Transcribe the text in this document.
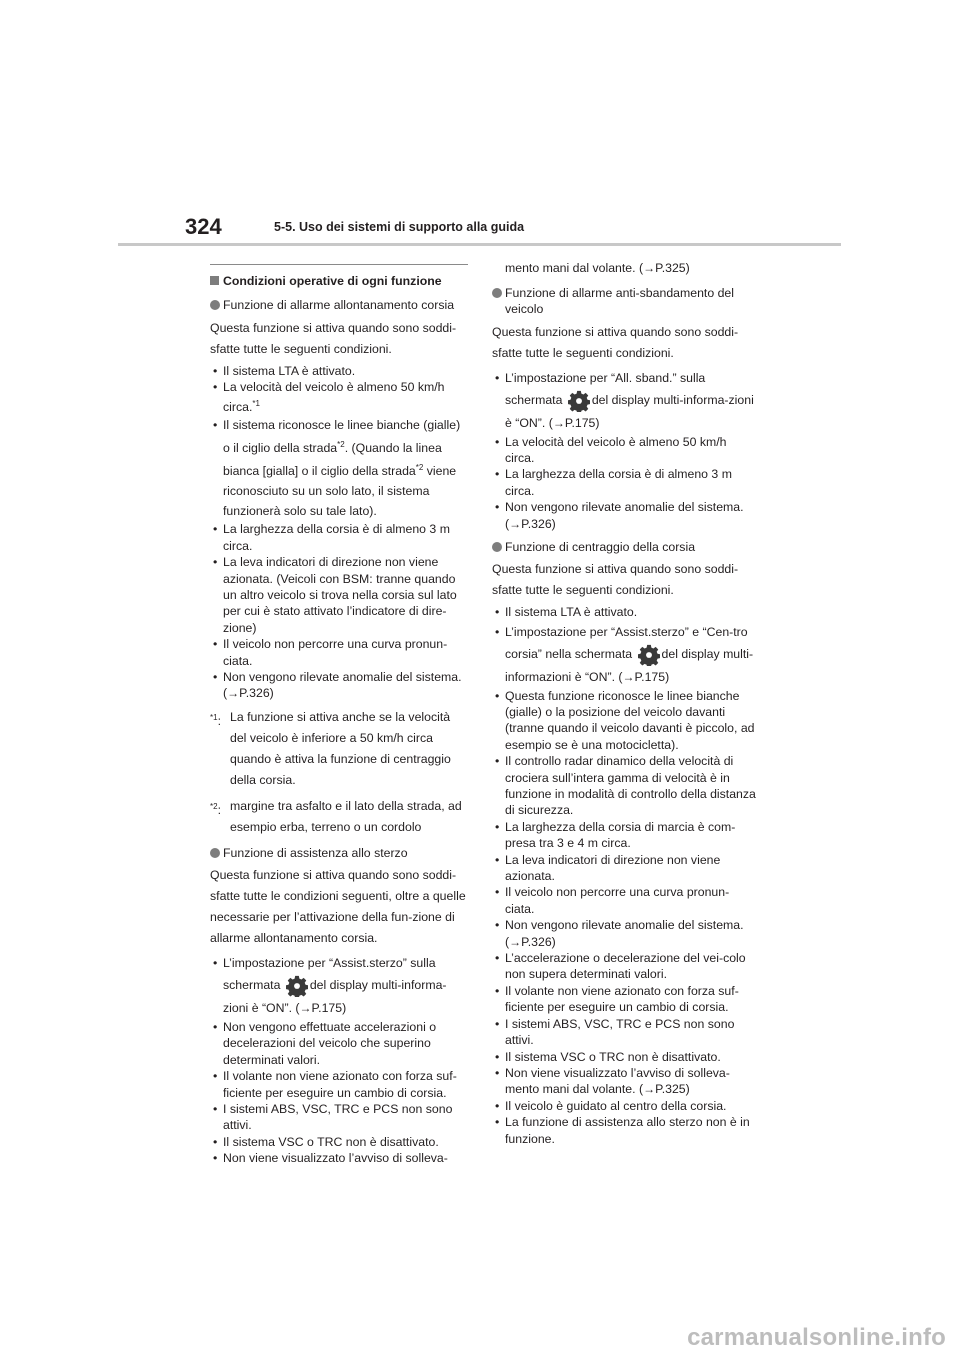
324	5-5. Uso dei sistemi di supporto alla guida
Condizioni operative di ogni funzione
Funzione di allarme allontanamento corsia

Questa funzione si attiva quando sono soddi-sfatte tutte le seguenti condizioni.

• Il sistema LTA è attivato.

• La velocità del veicolo è almeno 50 km/h circa.$^{*1}$

• Il sistema riconosce le linee bianche (gialle) o il ciglio della strada$^{*2}$. (Quando la linea bianca [gialla] o il ciglio della strada$^{*2}$ viene riconosciuto su un solo lato, il sistema funzionerà solo su tale lato).

• La larghezza della corsia è di almeno 3 m circa.

• La leva indicatori di direzione non viene azionata. (Veicoli con BSM: tranne quando un altro veicolo si trova nella corsia sul lato per cui è stato attivato l’indicatore di dire-zione)

• Il veicolo non percorre una curva pronun-ciata.

• Non vengono rilevate anomalie del sistema. (→P.326)

$^{*1}$: La funzione si attiva anche se la velocità del veicolo è inferiore a 50 km/h circa quando è attiva la funzione di centraggio della corsia.
$^{*2}$: margine tra asfalto e il lato della strada, ad esempio erba, terreno o un cordolo
Funzione di assistenza allo sterzo

Questa funzione si attiva quando sono soddi-sfatte tutte le condizioni seguenti, oltre a quelle necessarie per l’attivazione della fun-zione di allarme allontanamento corsia.

• L’impostazione per “Assist.sterzo” sulla schermata del display multi-informa-zioni è “ON”. (→P.175)

• Non vengono effettuate accelerazioni o decelerazioni del veicolo che superino determinati valori.

• Il volante non viene azionato con forza suf-ficiente per eseguire un cambio di corsia.

• I sistemi ABS, VSC, TRC e PCS non sono attivi.

• Il sistema VSC o TRC non è disattivato.

• Non viene visualizzato l’avviso di solleva-

mento mani dal volante. (→P.325)

Funzione di allarme anti-sbandamento del veicolo

Questa funzione si attiva quando sono soddi-sfatte tutte le seguenti condizioni.

• L’impostazione per “All. sband.” sulla schermata del display multi-informa-zioni è “ON”. (→P.175)

• La velocità del veicolo è almeno 50 km/h circa.

• La larghezza della corsia è di almeno 3 m circa.

• Non vengono rilevate anomalie del sistema. (→P.326)

Funzione di centraggio della corsia

Questa funzione si attiva quando sono soddi-sfatte tutte le seguenti condizioni.

• Il sistema LTA è attivato.

• L’impostazione per “Assist.sterzo” e “Cen-tro corsia” nella schermata del display multi-informazioni è “ON”. (→P.175)

• Questa funzione riconosce le linee bianche (gialle) o la posizione del veicolo davanti (tranne quando il veicolo davanti è piccolo, ad esempio se è una motocicletta).

• Il controllo radar dinamico della velocità di crociera sull’intera gamma di velocità è in funzione in modalità di controllo della distanza di sicurezza.

• La larghezza della corsia di marcia è com-presa tra 3 e 4 m circa.

• La leva indicatori di direzione non viene azionata.

• Il veicolo non percorre una curva pronun-ciata.

• Non vengono rilevate anomalie del sistema. (→P.326)

• L’accelerazione o decelerazione del vei-colo non supera determinati valori.

• Il volante non viene azionato con forza suf-ficiente per eseguire un cambio di corsia.

• I sistemi ABS, VSC, TRC e PCS non sono attivi.

• Il sistema VSC o TRC non è disattivato.

• Non viene visualizzato l’avviso di solleva-mento mani dal volante. (→P.325)

• Il veicolo è guidato al centro della corsia.

• La funzione di assistenza allo sterzo non è in funzione.

carmanualsonline.info
